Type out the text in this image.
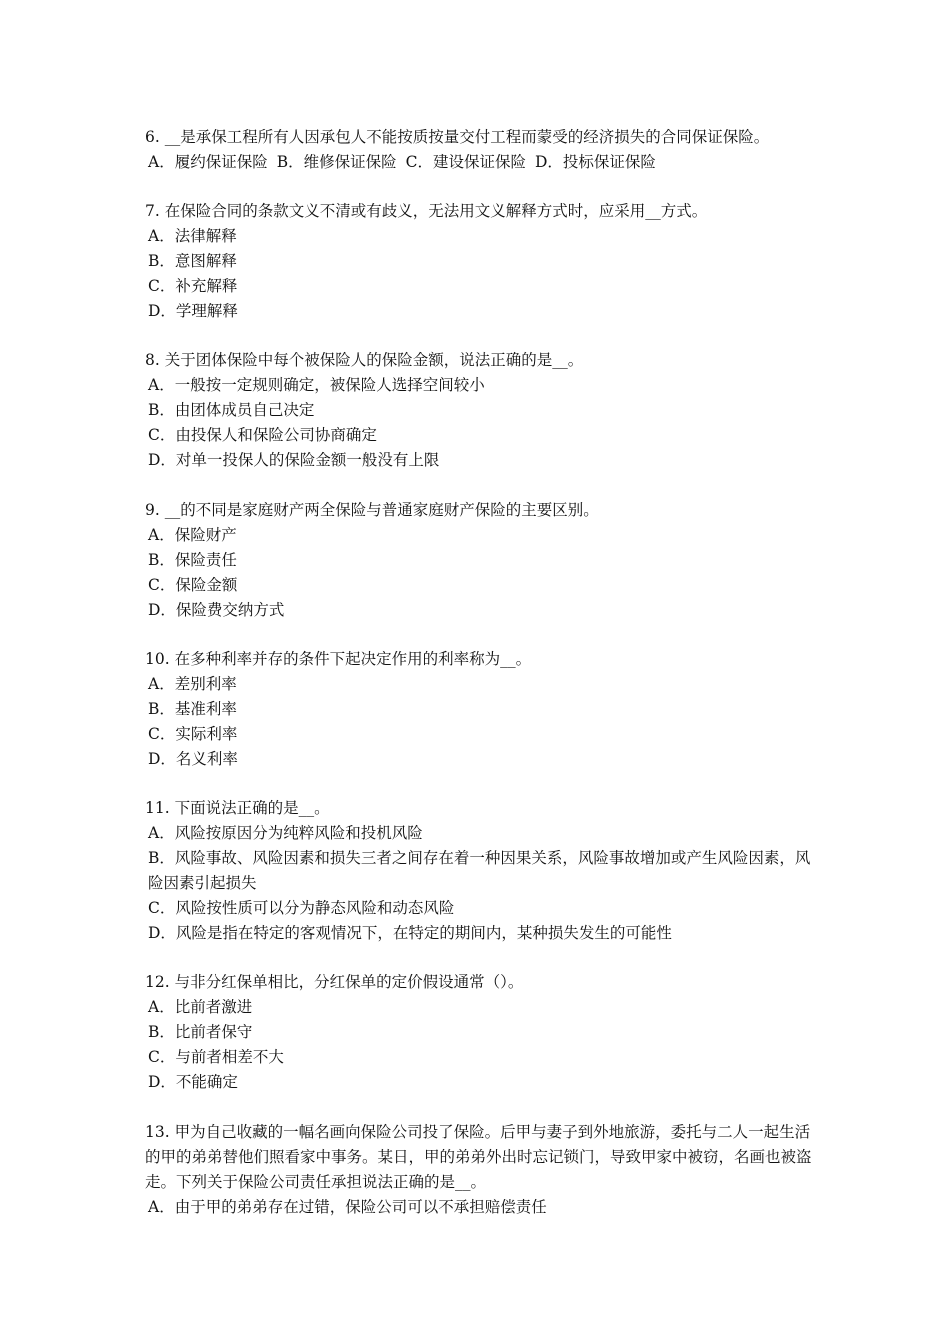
6. __是承保工程所有人因承包人不能按质按量交付工程而蒙受的经济损失的合同保证保险。

A．履约保证保险 B．维修保证保险 C．建设保证保险 D．投标保证保险

7. 在保险合同的条款文义不清或有歧义，无法用文义解释方式时，应采用__方式。

A．法律解释

B．意图解释

C．补充解释

D．学理解释

8. 关于团体保险中每个被保险人的保险金额，说法正确的是__。

A．一般按一定规则确定，被保险人选择空间较小

B．由团体成员自己决定

C．由投保人和保险公司协商确定

D．对单一投保人的保险金额一般没有上限

9. __的不同是家庭财产两全保险与普通家庭财产保险的主要区别。

A．保险财产

B．保险责任

C．保险金额

D．保险费交纳方式

10. 在多种利率并存的条件下起决定作用的利率称为__。

A．差别利率

B．基准利率

C．实际利率

D．名义利率

11. 下面说法正确的是__。

A．风险按原因分为纯粹风险和投机风险

B．风险事故、风险因素和损失三者之间存在着一种因果关系，风险事故增加或产生风险因素，风险因素引起损失

C．风险按性质可以分为静态风险和动态风险

D．风险是指在特定的客观情况下，在特定的期间内，某种损失发生的可能性

12. 与非分红保单相比，分红保单的定价假设通常（）。

A．比前者激进

B．比前者保守

C．与前者相差不大

D．不能确定

13. 甲为自己收藏的一幅名画向保险公司投了保险。后甲与妻子到外地旅游，委托与二人一起生活的甲的弟弟替他们照看家中事务。某日，甲的弟弟外出时忘记锁门，导致甲家中被窃，名画也被盗走。下列关于保险公司责任承担说法正确的是__。

A．由于甲的弟弟存在过错，保险公司可以不承担赔偿责任
